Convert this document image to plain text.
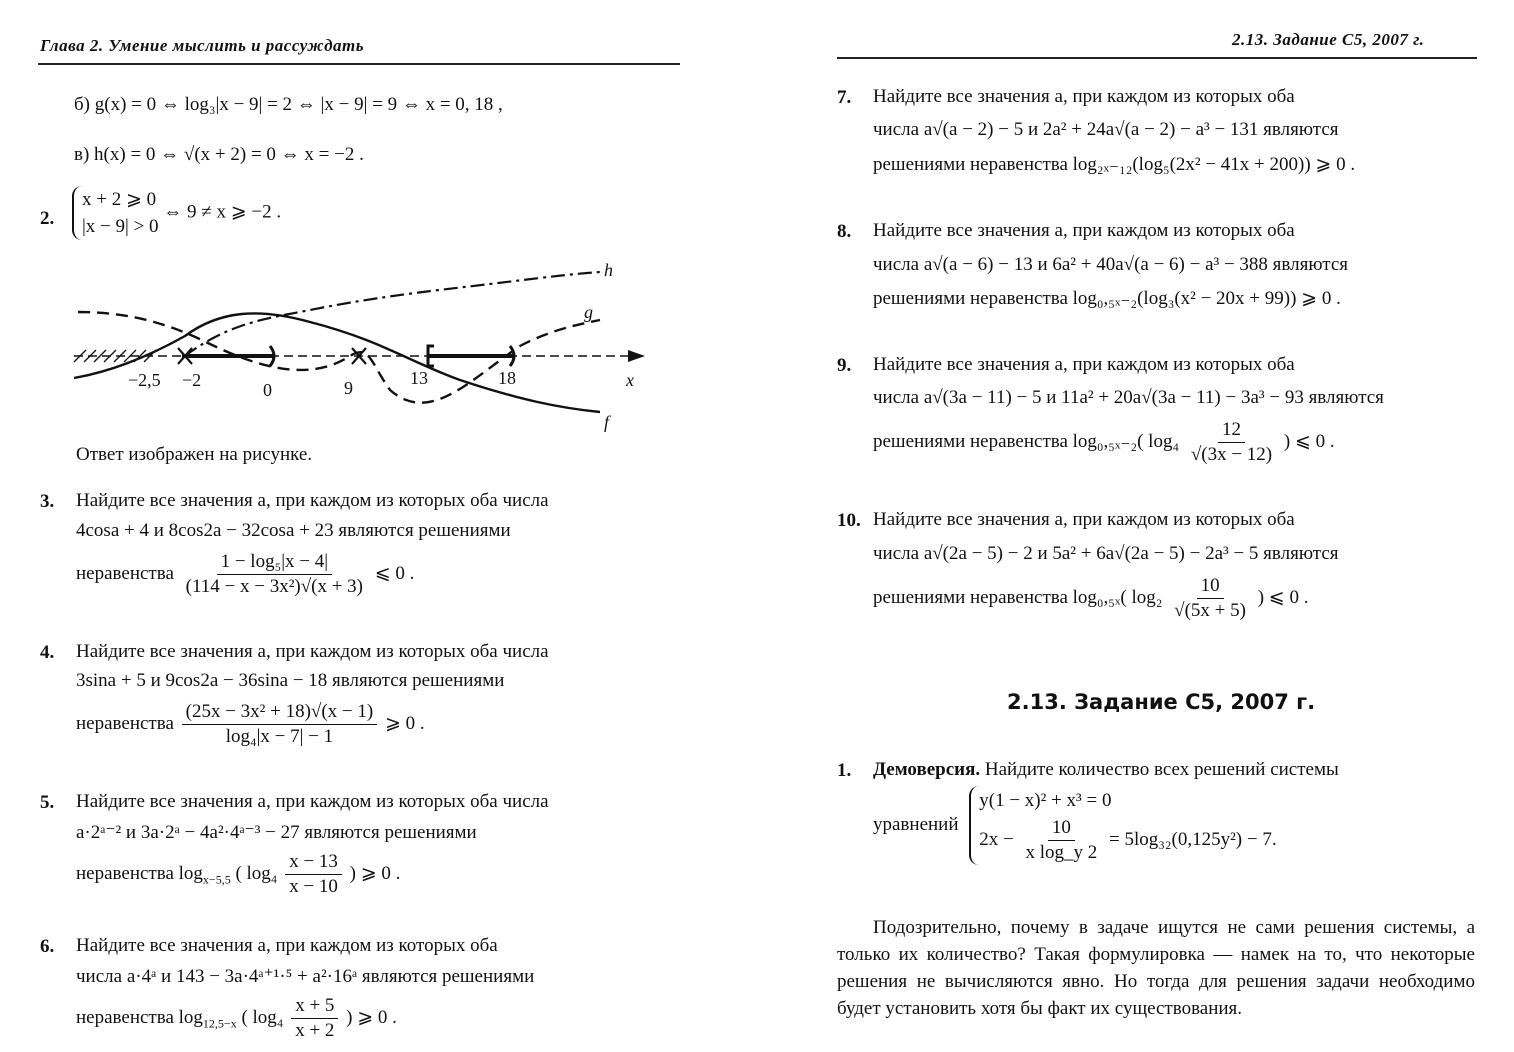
Глава 2. Умение мыслить и рассуждать
б) g(x) = 0 ⇔ log₃|x − 9| = 2 ⇔ |x − 9| = 9 ⇔ x = 0, 18 ,
в) h(x) = 0 ⇔ √(x + 2) = 0 ⇔ x = −2 .
2.
x + 2 ⩾ 0
|x − 9| > 0 ⇔ 9 ≠ x ⩾ −2 .
−2,5 −2	0	9	13	18	x
h
g
f
Ответ изображен на рисунке.
3. Найдите все значения a, при каждом из которых оба числа
4cosa + 4 и 8cos2a − 32cosa + 23 являются решениями
неравенства $\frac{\text{1 − log₅|x − 4|}}{\text{(114 − x − 3x²)√(x + 3)}}$ ⩽ 0 .
4. Найдите все значения a, при каждом из которых оба числа
3sina + 5 и 9cos2a − 36sina − 18 являются решениями
неравенства $\frac{\text{(25x − 3x² + 18)√(x − 1)}}{\text{log₄|x − 7| − 1}}$ ⩾ 0 .
5. Найдите все значения a, при каждом из которых оба числа
a·2ᵃ⁻² и 3a·2ᵃ − 4a²·4ᵃ⁻³ − 27 являются решениями
неравенства $\log_{x-5,5}$ ( $\log_4 \frac{x - 13}{x - 10}$ ) ⩾ 0 .
6. Найдите все значения a, при каждом из которых оба
числа a·4ᵃ и 143 − 3a·4ᵃ⁺¹·⁵ + a²·16ᵃ являются решениями
неравенства $\log_{12,5-x}$ ( $\log_4 \frac{x + 5}{x + 2}$ ) ⩾ 0 .
2.13. Задание C5, 2007 г.
7. Найдите все значения a, при каждом из которых оба
числа a√(a − 2) − 5 и 2a² + 24a√(a − 2) − a³ − 131 являются
решениями неравенства log₂ₓ₋₁₂(log₅(2x² − 41x + 200)) ⩾ 0 .
8. Найдите все значения a, при каждом из которых оба
числа a√(a − 6) − 13 и 6a² + 40a√(a − 6) − a³ − 388 являются
решениями неравенства log₀,₅ₓ₋₂(log₃(x² − 20x + 99)) ⩾ 0 .
9. Найдите все значения a, при каждом из которых оба
числа a√(3a − 11) − 5 и 11a² + 20a√(3a − 11) − 3a³ − 93 являются
решениями неравенства log₀,₅ₓ₋₂( $\log_4 \frac{12}{√(3x - 12)}$ ) ⩽ 0 .
10. Найдите все значения a, при каждом из которых оба
числа a√(2a − 5) − 2 и 5a² + 6a√(2a − 5) − 2a³ − 5 являются
решениями неравенства log₀,₅ₓ( $\log_2 \frac{10}{√(5x + 5)}$ ) ⩽ 0 .
2.13. Задание C5, 2007 г.
1. Демоверсия. Найдите количество всех решений системы
уравнений y(1 − x)² + x³ = 0
$2x - \frac{10}{\text{x log\_y 2}} = 5\log_{32}(0,125y^2) - 7$.
Подозрительно, почему в задаче ищутся не сами решения системы, а только их количество? Такая формулировка — намек на то, что некоторые решения не вычисляются явно. Но тогда для решения задачи необходимо будет установить хотя бы факт их существования.
